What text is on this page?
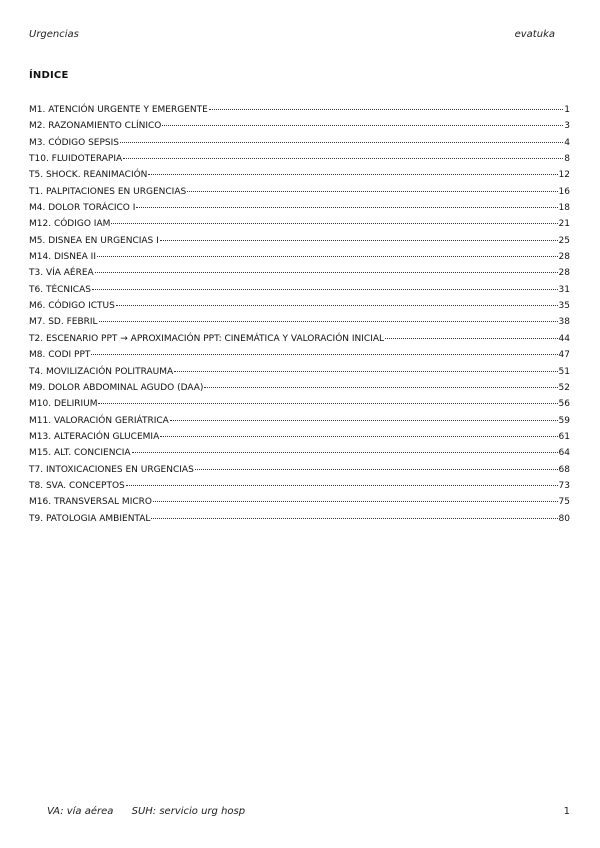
Urgencias	evatuka
ÍNDICE
M1. ATENCIÓN URGENTE Y EMERGENTE	1
M2. RAZONAMIENTO CLÍNICO	3
M3. CÓDIGO SEPSIS	4
T10. FLUIDOTERAPIA	8
T5. SHOCK. REANIMACIÓN	12
T1. PALPITACIONES EN URGENCIAS	16
M4. DOLOR TORÁCICO I	18
M12. CÓDIGO IAM	21
M5. DISNEA EN URGENCIAS I	25
M14. DISNEA II	28
T3. VÍA AÉREA	28
T6. TÉCNICAS	31
M6. CÓDIGO ICTUS	35
M7. SD. FEBRIL	38
T2. ESCENARIO PPT → APROXIMACIÓN PPT: CINEMÁTICA Y VALORACIÓN INICIAL	44
M8. CODI PPT	47
T4. MOVILIZACIÓN POLITRAUMA	51
M9. DOLOR ABDOMINAL AGUDO (DAA)	52
M10. DELIRIUM	56
M11. VALORACIÓN GERIÁTRICA	59
M13. ALTERACIÓN GLUCEMIA	61
M15. ALT. CONCIENCIA	64
T7. INTOXICACIONES EN URGENCIAS	68
T8. SVA. CONCEPTOS	73
M16. TRANSVERSAL MICRO	75
T9. PATOLOGIA AMBIENTAL	80
VA: vía aérea SUH: servicio urg hosp	1
